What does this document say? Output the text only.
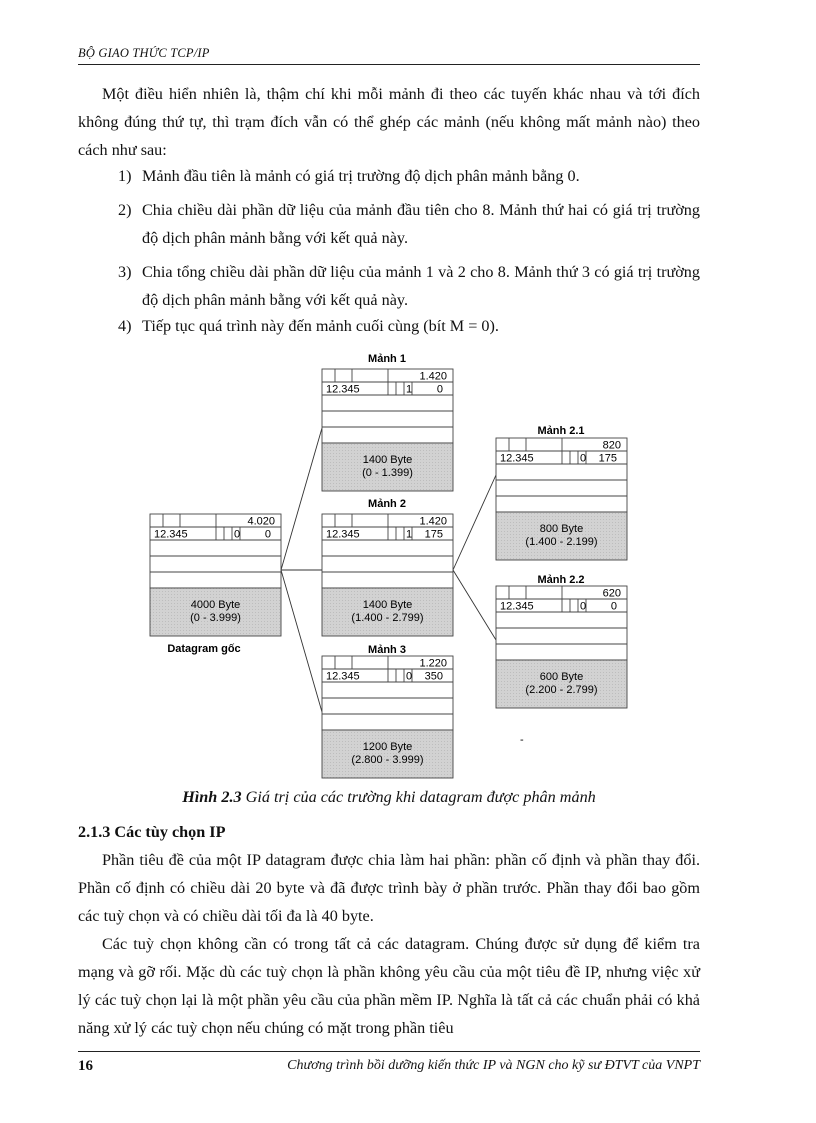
BỘ GIAO THỨC TCP/IP

Một điều hiển nhiên là, thậm chí khi mỗi mảnh đi theo các tuyến khác nhau và tới đích không đúng thứ tự, thì trạm đích vẫn có thể ghép các mảnh (nếu không mất mảnh nào) theo cách như sau:

1) Mảnh đầu tiên là mảnh có giá trị trường độ dịch phân mảnh bằng 0.
2) Chia chiều dài phần dữ liệu của mảnh đầu tiên cho 8. Mảnh thứ hai có giá trị trường độ dịch phân mảnh bằng với kết quả này.
3) Chia tổng chiều dài phần dữ liệu của mảnh 1 và 2 cho 8. Mảnh thứ 3 có giá trị trường độ dịch phân mảnh bằng với kết quả này.
4) Tiếp tục quá trình này đến mảnh cuối cùng (bít M = 0).
4.020
12.345	0 0
4000 Byte
(0 - 3.999)
Datagram gốc
1.420
12.345	1 0
1400 Byte
(0 - 1.399)
Mảnh 1
1.420
12.345	1 175
1400 Byte
(1.400 - 2.799)
Mảnh 2
1.220
12.345	0 350
1200 Byte
(2.800 - 3.999)
Mảnh 3
820
12.345	0 175
800 Byte
(1.400 - 2.199)
Mảnh 2.1
620
12.345	0 0
600 Byte
(2.200 - 2.799)
Mảnh 2.2
-
Hình 2.3 Giá trị của các trường khi datagram được phân mảnh
2.1.3 Các tùy chọn IP

Phần tiêu đề của một IP datagram được chia làm hai phần: phần cố định và phần thay đổi. Phần cố định có chiều dài 20 byte và đã được trình bày ở phần trước. Phần thay đổi bao gồm các tuỳ chọn và có chiều dài tối đa là 40 byte.

Các tuỳ chọn không cần có trong tất cả các datagram. Chúng được sử dụng để kiểm tra mạng và gỡ rối. Mặc dù các tuỳ chọn là phần không yêu cầu của một tiêu đề IP, nhưng việc xử lý các tuỳ chọn lại là một phần yêu cầu của phần mềm IP. Nghĩa là tất cả các chuẩn phải có khả năng xử lý các tuỳ chọn nếu chúng có mặt trong phần tiêu

16	Chương trình bồi dưỡng kiến thức IP và NGN cho kỹ sư ĐTVT của VNPT
